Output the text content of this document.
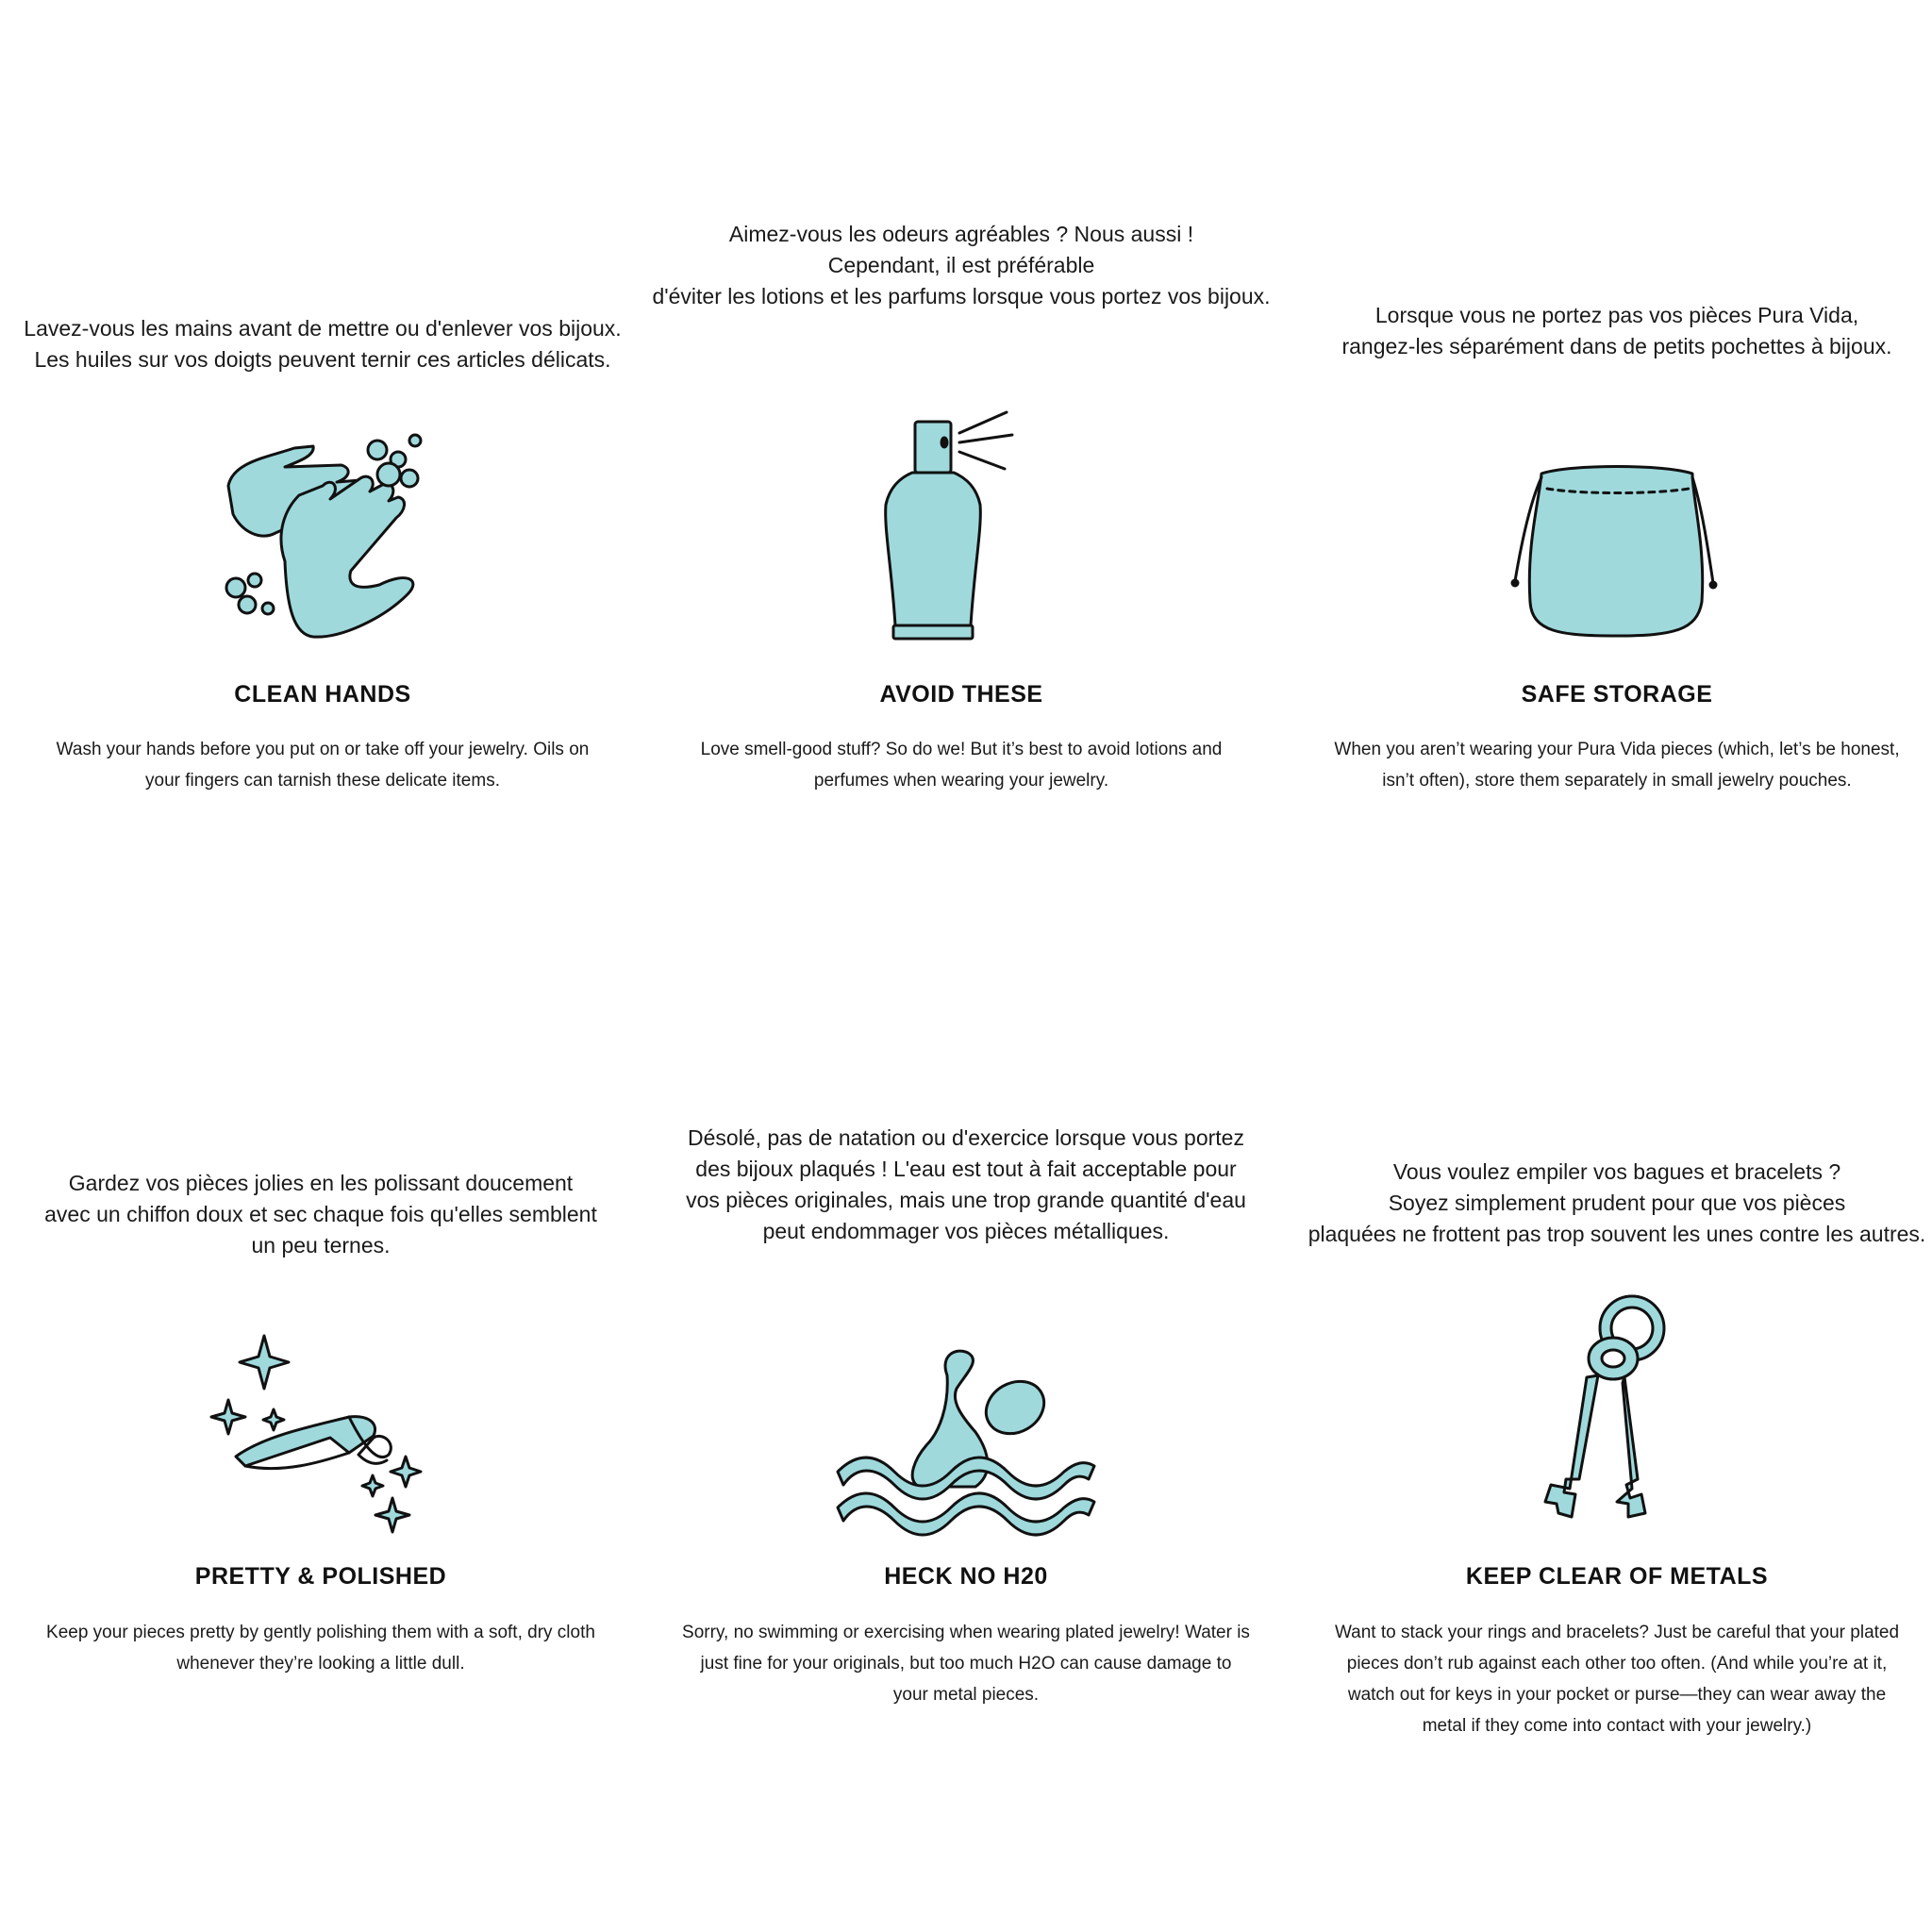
Lavez-vous les mains avant de mettre ou d'enlever vos bijoux.
Les huiles sur vos doigts peuvent ternir ces articles délicats.
CLEAN HANDS
Wash your hands before you put on or take off your jewelry. Oils on
your fingers can tarnish these delicate items.
Aimez-vous les odeurs agréables ? Nous aussi !
Cependant, il est préférable
d'éviter les lotions et les parfums lorsque vous portez vos bijoux.
AVOID THESE
Love smell-good stuff? So do we! But it’s best to avoid lotions and
perfumes when wearing your jewelry.
Lorsque vous ne portez pas vos pièces Pura Vida,
rangez-les séparément dans de petits pochettes à bijoux.
SAFE STORAGE
When you aren’t wearing your Pura Vida pieces (which, let’s be honest,
isn’t often), store them separately in small jewelry pouches.
Gardez vos pièces jolies en les polissant doucement
avec un chiffon doux et sec chaque fois qu'elles semblent
un peu ternes.
PRETTY & POLISHED
Keep your pieces pretty by gently polishing them with a soft, dry cloth
whenever they’re looking a little dull.
Désolé, pas de natation ou d'exercice lorsque vous portez
des bijoux plaqués ! L'eau est tout à fait acceptable pour
vos pièces originales, mais une trop grande quantité d'eau
peut endommager vos pièces métalliques.
HECK NO H20
Sorry, no swimming or exercising when wearing plated jewelry! Water is
just fine for your originals, but too much H2O can cause damage to
your metal pieces.
Vous voulez empiler vos bagues et bracelets ?
Soyez simplement prudent pour que vos pièces
plaquées ne frottent pas trop souvent les unes contre les autres.
KEEP CLEAR OF METALS
Want to stack your rings and bracelets? Just be careful that your plated
pieces don’t rub against each other too often. (And while you’re at it,
watch out for keys in your pocket or purse—they can wear away the
metal if they come into contact with your jewelry.)
